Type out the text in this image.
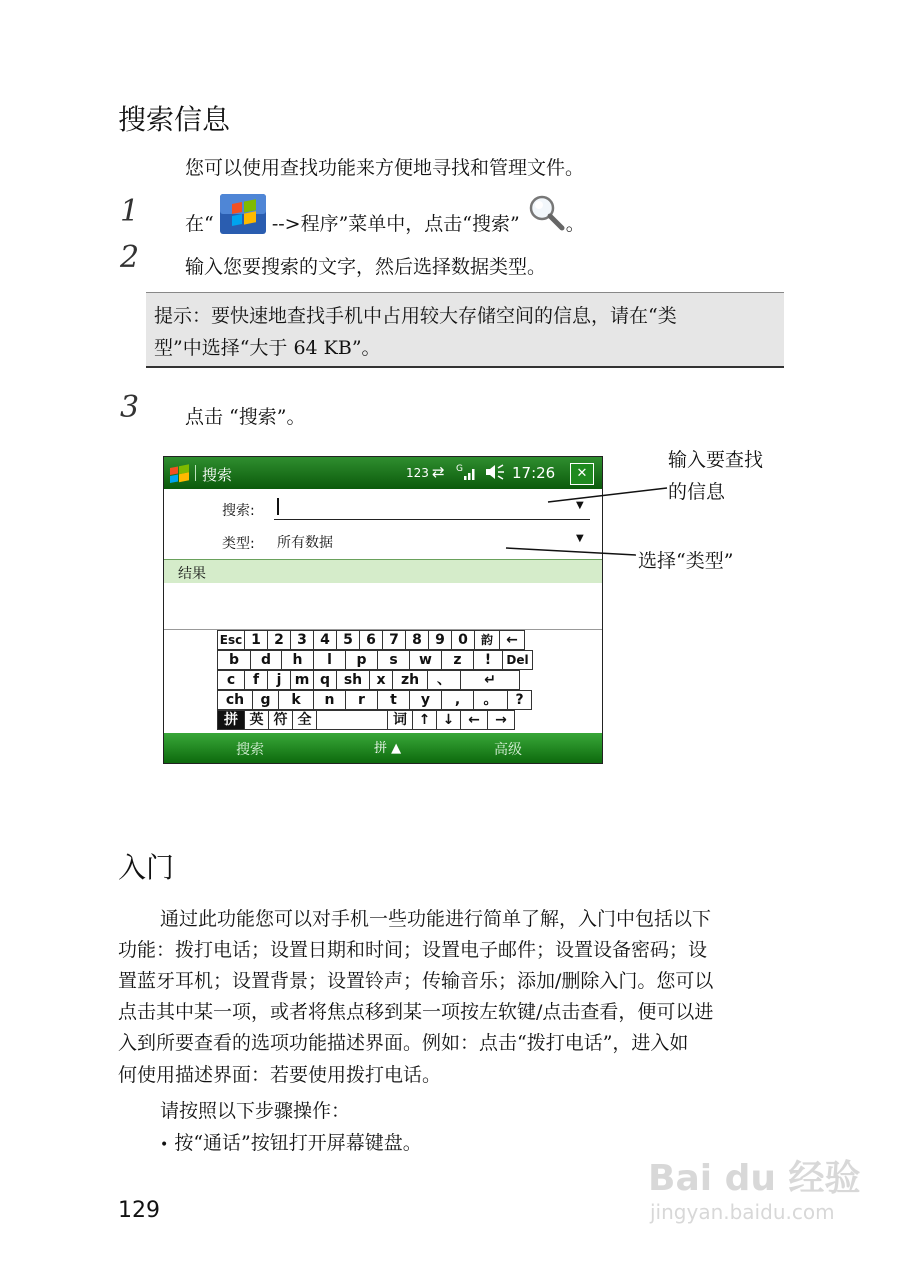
搜索信息
您可以使用查找功能来方便地寻找和管理文件。
1 在“	-->程序”菜单中，点击“搜索” 。
2 输入您要搜索的文字，然后选择数据类型。
提示：要快速地查找手机中占用较大存储空间的信息，请在“类
型”中选择“大于 64 KB”。
3 点击 “搜索”。
搜索	123 ⇄ G	17:26	✕
搜索:	▼
类型: 所有数据	▼
结果
Esc 1 2 3 4 5 6 7 8 9 0	韵 ←
b	d	h	l	p	s	w	z	!	Del
c	f	j m q sh	x	zh	、	↵
ch	g	k	n	r	t	y	,	。	?
拼 英 符 全	词 ↑ ↓ ←	→
搜索	拼 ▲	高级
输入要查找
的信息
选择“类型”
入门
通过此功能您可以对手机一些功能进行简单了解，入门中包括以下
功能：拨打电话；设置日期和时间；设置电子邮件；设置设备密码；设
置蓝牙耳机；设置背景；设置铃声；传输音乐；添加/删除入门。您可以
点击其中某一项，或者将焦点移到某一项按左软键/点击查看，便可以进
入到所要查看的选项功能描述界面。例如：点击“拨打电话”，进入如
何使用描述界面：若要使用拨打电话。
请按照以下步骤操作：
• 按“通话”按钮打开屏幕键盘。
129
Bai du 经验
jingyan.baidu.com
